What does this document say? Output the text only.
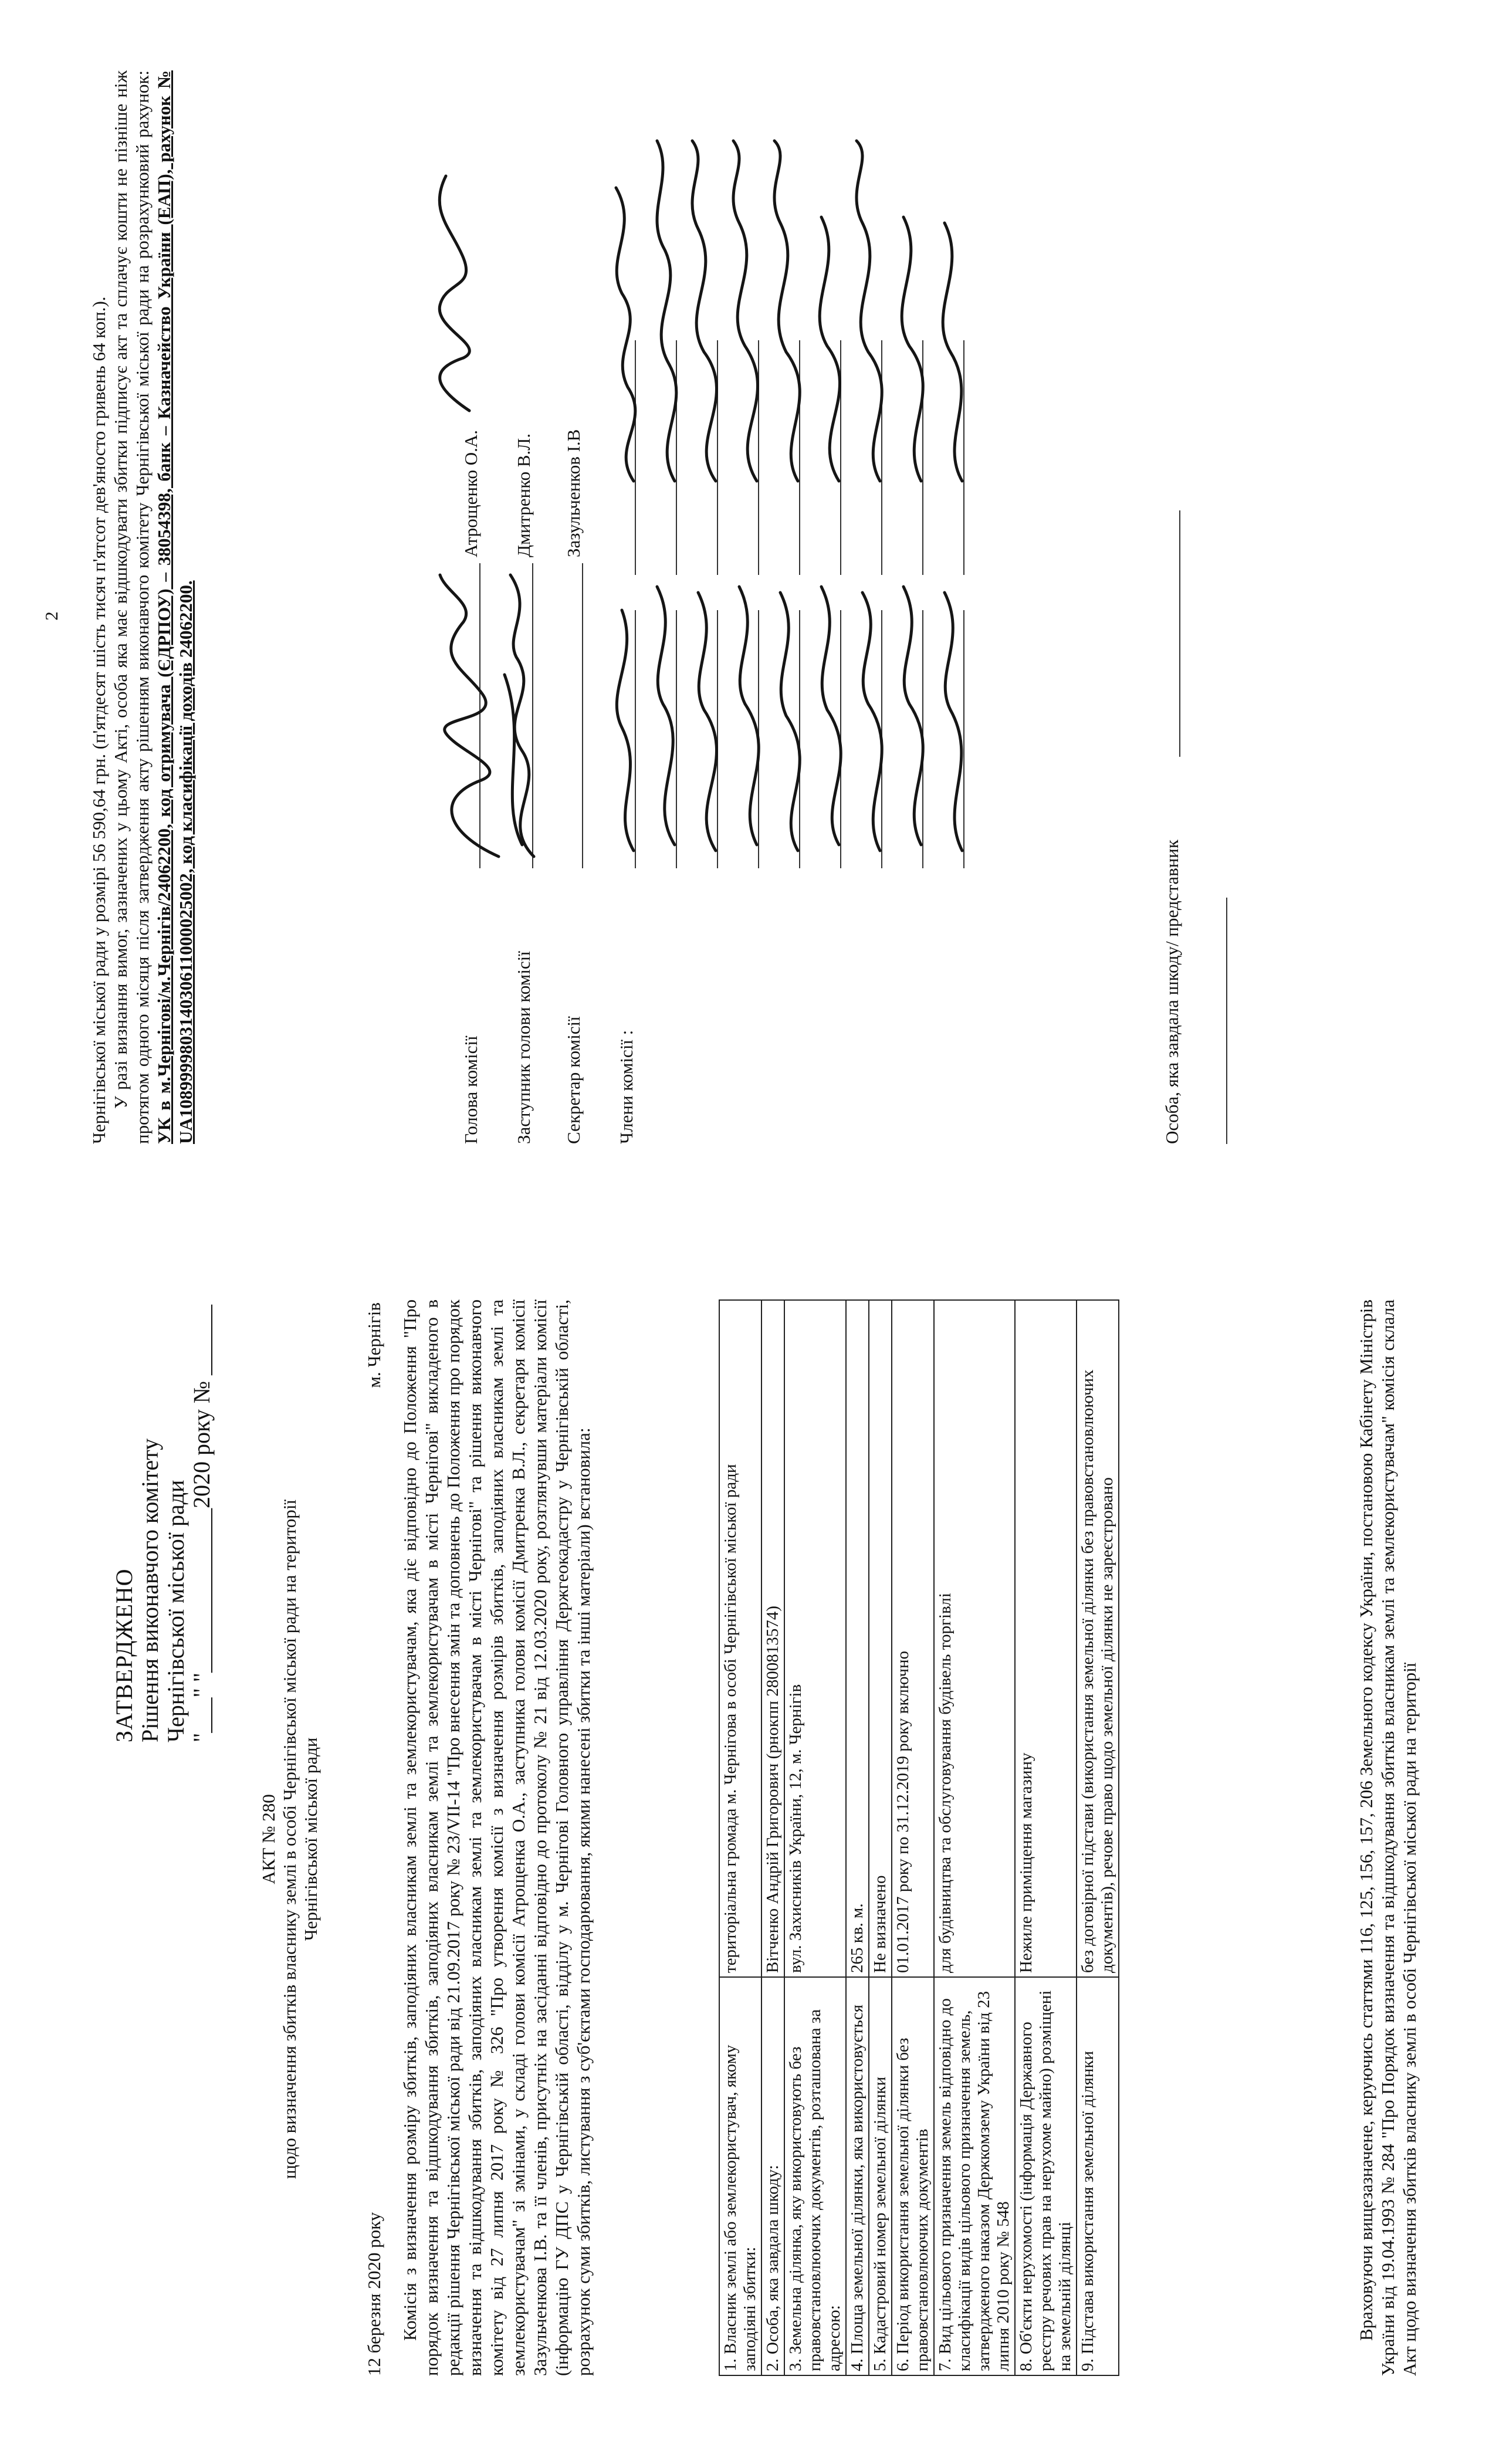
ЗАТВЕРДЖЕНО Рішення виконавчого комітету Чернігівської міської ради "___" "______________2020 року № ______
АКТ № 280 щодо визначення збитків власнику землі в особі Чернігівської міської ради на території Чернігівської міської ради
12 березня 2020 року
м. Чернігів Комісія з визначення розміру збитків, заподіяних власникам землі та землекористувачам, яка діє відповідно до Положення "Про порядок визначення та відшкодування збитків, заподіяних власникам землі та землекористувачам в місті Чернігові" викладеного в редакції рішення Чернігівської міської ради від 21.09.2017 року № 23/VII-14 "Про внесення змін та доповнень до Положення про порядок визначення та відшкодування збитків, заподіяних власникам землі та землекористувачам в місті Чернігові" та рішення виконавчого комітету від 27 липня 2017 року № 326 "Про утворення комісії з визначення розмірів збитків, заподіяних власникам землі та землекористувачам" зі змінами, у складі голови комісії Атрощенка О.А., заступника голови комісії Дмитренка В.Л., секретаря комісії Зазульченкова І.В. та її членів, присутніх на засіданні відповідно до протоколу № 21 від 12.03.2020 року, розглянувши матеріали комісії (інформацію ГУ ДПС у Чернігівській області, відділу у м. Чернігові Головного управління Держгеокадастру у Чернігівській області, розрахунок суми збитків, листування з суб'єктами господарювання, якими нанесені збитки та інші матеріали) встановила:	1. Власник землі або землекористувач, якому заподіяні збитки:	територіальна громада м. Чернігова в особі Чернігівської міської ради
2. Особа, яка завдала шкоду:	Вітченко Андрій Григорович (рнокпп 2800813574)
3. Земельна ділянка, яку використовують без правовстановлюючих документів, розташована за адресою:	вул. Захисників України, 12, м. Чернігів
4. Площа земельної ділянки, яка використовується	265 кв. м.
5. Кадастровий номер земельної ділянки	Не визначено
6. Період використання земельної ділянки без правовстановлюючих документів	01.01.2017 року по 31.12.2019 року включно
7. Вид цільового призначення земель відповідно до класифікації видів цільового призначення земель, затвердженого наказом Держкомзему України від 23 липня 2010 року № 548	для будівництва та обслуговування будівель торгівлі
8. Об'єкти нерухомості (інформація Державного реєстру речових прав на нерухоме майно) розміщені на земельній ділянці	Нежиле приміщення магазину
9. Підстава використання земельної ділянки	без договірної підстави (використання земельної ділянки без правовстановлюючих документів), речове право щодо земельної ділянки не зареєстровано	Враховуючи вищезазначене, керуючись статтями 116, 125, 156, 157, 206 Земельного кодексу України, постановою Кабінету Міністрів України від 19.04.1993 № 284 "Про Порядок визначення та відшкодування збитків власникам землі та землекористувачам" комісія склала Акт щодо визначення збитків власнику землі в особі Чернігівської міської ради на території

2 Чернігівської міської ради у розмірі 56 590,64 грн. (п'ятдесят шість тисяч п'ятсот дев'яносто гривень 64 коп.). У разі визнання вимог, зазначених у цьому Акті, особа яка має відшкодувати збитки підписує акт та сплачує кошти не пізніше ніж протягом одного місяця після затвердження акту рішенням виконавчого комітету Чернігівської міської ради на розрахунковий рахунок: УК в м.Чернігові/м.Чернігів/24062200, код отримувача (ЄДРПОУ) – 38054398, банк – Казначейство України (ЕАП), рахунок № UA108999980314030611000025002, код класифікації доходів 24062200.	Голова комісії
Атрощенко О.А.
Заступник голови комісії
Дмитренко В.Л.
Секретар комісії
Зазульченков І.В
Члени комісії :	Особа, яка завдала шкоду/ представник
